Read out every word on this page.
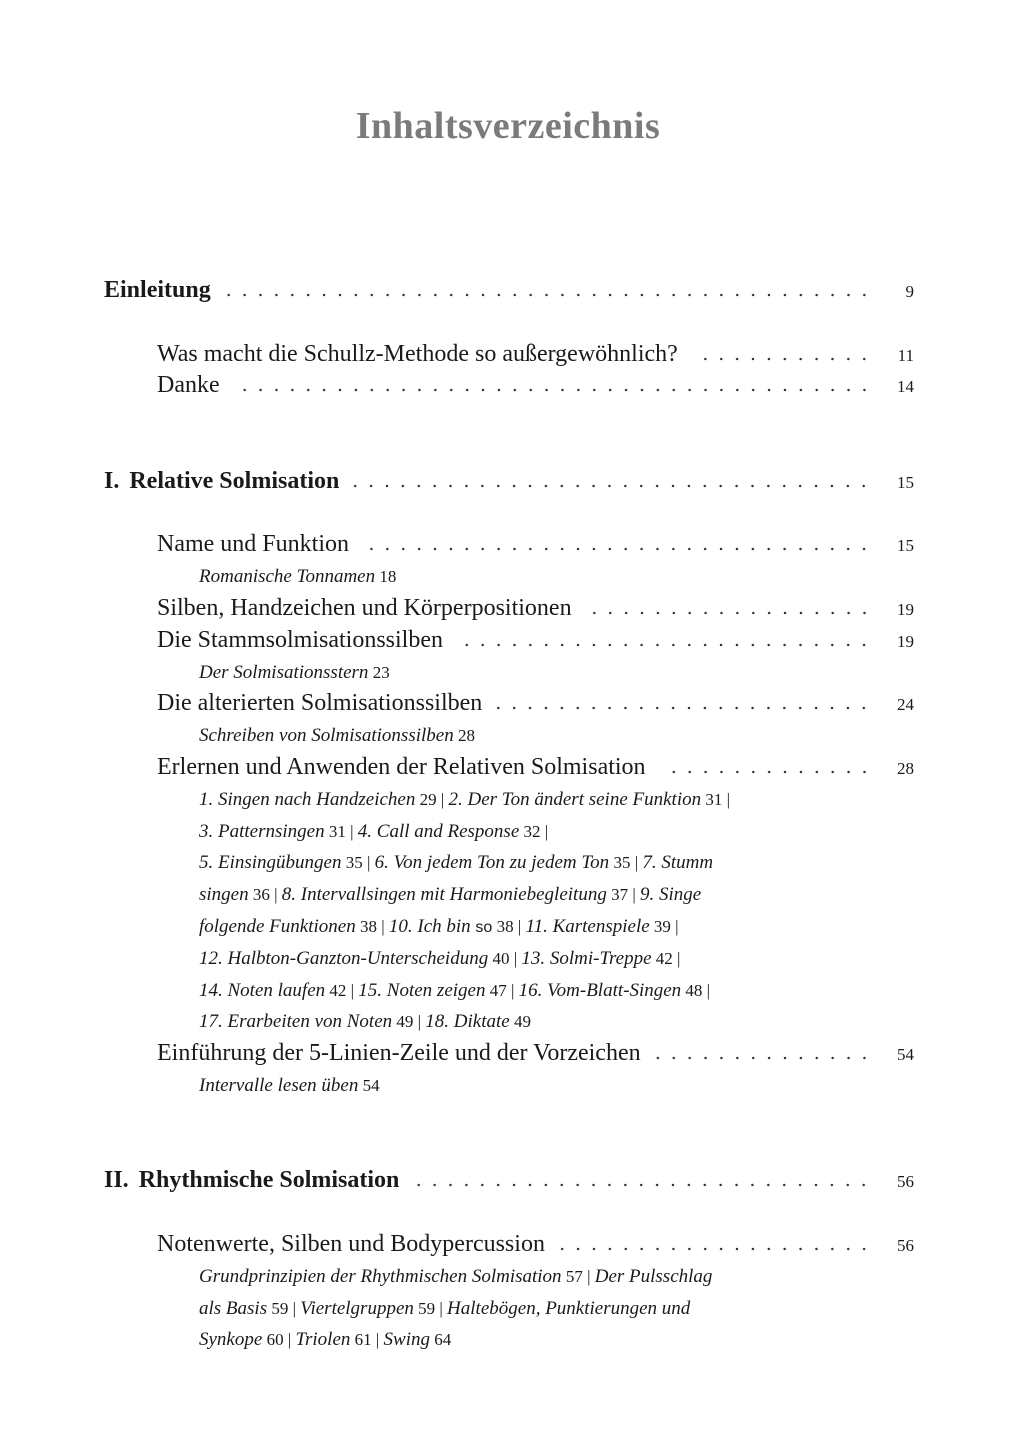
Inhaltsverzeichnis
Einleitung	9
Was macht die Schullz-Methode so außergewöhnlich?	11
Danke	14
I. Relative Solmisation	15
Name und Funktion	15
Romanische Tonnamen 18
Silben, Handzeichen und Körperpositionen	19
Die Stammsolmisationssilben	19
Der Solmisationsstern 23
Die alterierten Solmisationssilben	24
Schreiben von Solmisationssilben 28
Erlernen und Anwenden der Relativen Solmisation	28
1. Singen nach Handzeichen 29 | 2. Der Ton ändert seine Funktion 31 |
3. Patternsingen 31 | 4. Call and Response 32 |
5. Einsingübungen 35 | 6. Von jedem Ton zu jedem Ton 35 | 7. Stumm
singen 36 | 8. Intervallsingen mit Harmoniebegleitung 37 | 9. Singe
folgende Funktionen 38 | 10. Ich bin so 38 | 11. Kartenspiele 39 |
12. Halbton-Ganzton-Unterscheidung 40 | 13. Solmi-Treppe 42 |
14. Noten laufen 42 | 15. Noten zeigen 47 | 16. Vom-Blatt-Singen 48 |
17. Erarbeiten von Noten 49 | 18. Diktate 49
Einführung der 5-Linien-Zeile und der Vorzeichen	54
Intervalle lesen üben 54
II. Rhythmische Solmisation	56
Notenwerte, Silben und Bodypercussion	56
Grundprinzipien der Rhythmischen Solmisation 57 | Der Pulsschlag
als Basis 59 | Viertelgruppen 59 | Haltebögen, Punktierungen und
Synkope 60 | Triolen 61 | Swing 64
